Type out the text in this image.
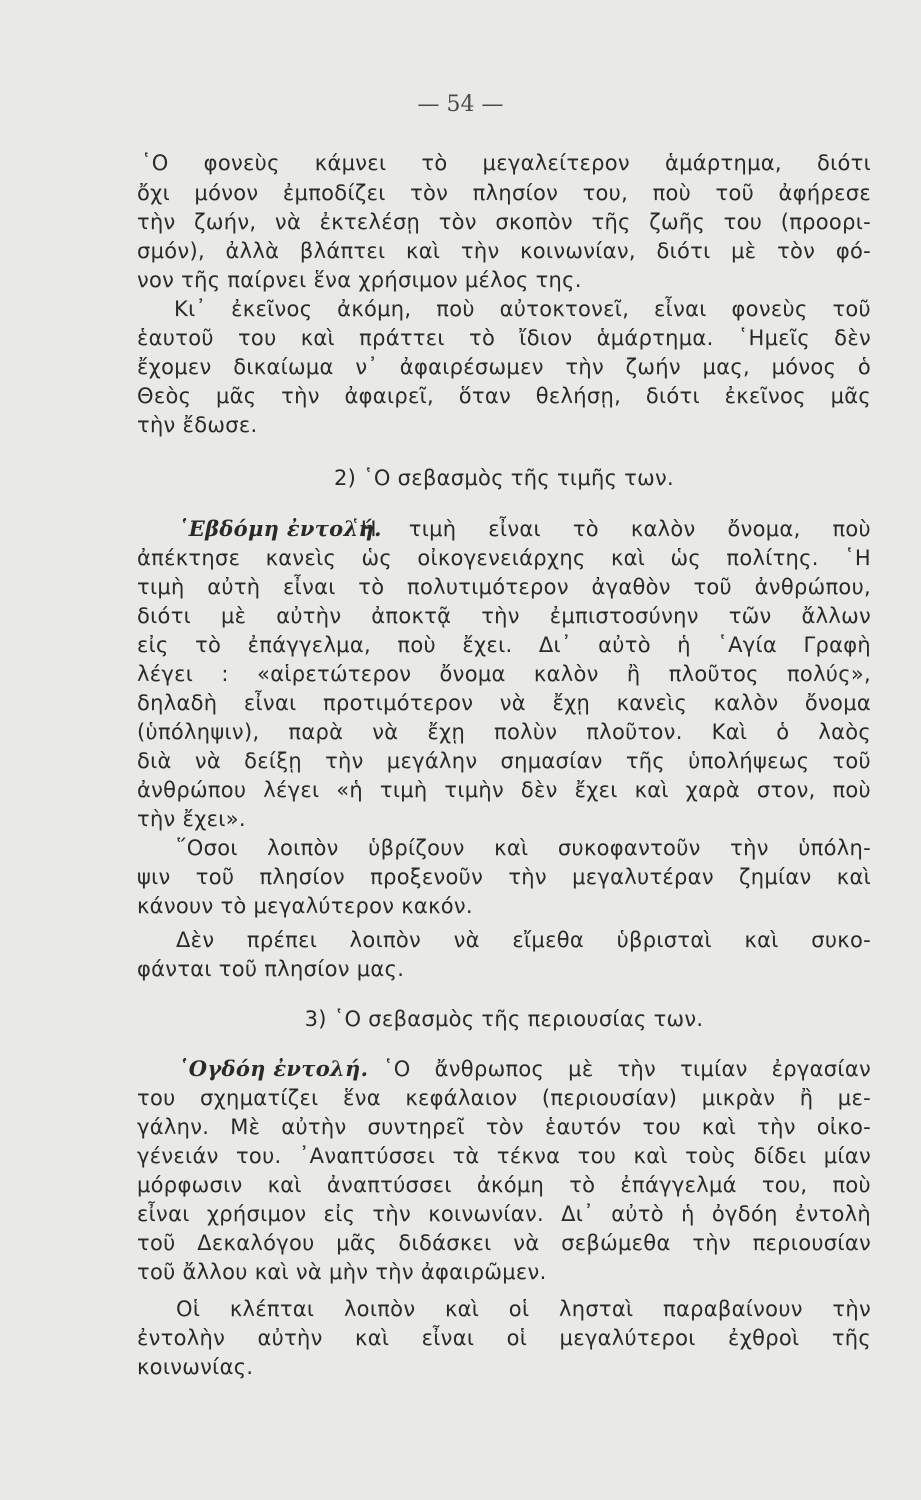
— 54 —
῾Ο φονεὺς κάμνει τὸ μεγαλείτερον ἁμάρτημα, διότι
ὄχι μόνον ἐμποδίζει τὸν πλησίον του, ποὺ τοῦ ἀφήρεσε
τὴν ζωήν, νὰ ἐκτελέσῃ τὸν σκοπὸν τῆς ζωῆς του (προορι-
σμόν), ἀλλὰ βλάπτει καὶ τὴν κοινωνίαν, διότι μὲ τὸν φό-
νον τῆς παίρνει ἕνα χρήσιμον μέλος της.
Κι᾿ ἐκεῖνος ἀκόμη, ποὺ αὐτοκτονεῖ, εἶναι φονεὺς τοῦ
ἑαυτοῦ του καὶ πράττει τὸ ἴδιον ἁμάρτημα. ῾Ημεῖς δὲν
ἔχομεν δικαίωμα ν᾿ ἀφαιρέσωμεν τὴν ζωήν μας, μόνος ὁ
Θεὸς μᾶς τὴν ἀφαιρεῖ, ὅταν θελήσῃ, διότι ἐκεῖνος μᾶς
τὴν ἔδωσε.
2) ῾Ο σεβασμὸς τῆς τιμῆς των.
῾Εβδόμη ἐντολή.
῾Η τιμὴ εἶναι τὸ καλὸν ὄνομα, ποὺ
ἀπέκτησε κανεὶς ὡς οἰκογενειάρχης καὶ ὡς πολίτης. ῾Η
τιμὴ αὐτὴ εἶναι τὸ πολυτιμότερον ἀγαθὸν τοῦ ἀνθρώπου,
διότι μὲ αὐτὴν ἀποκτᾷ τὴν ἐμπιστοσύνην τῶν ἄλλων
εἰς τὸ ἐπάγγελμα, ποὺ ἔχει. Δι᾿ αὐτὸ ἡ ῾Αγία Γραφὴ
λέγει : «αἱρετώτερον ὄνομα καλὸν ἢ πλοῦτος πολύς»,
δηλαδὴ εἶναι προτιμότερον νὰ ἔχῃ κανεὶς καλὸν ὄνομα
(ὑπόληψιν), παρὰ νὰ ἔχῃ πολὺν πλοῦτον. Καὶ ὁ λαὸς
διὰ νὰ δείξῃ τὴν μεγάλην σημασίαν τῆς ὑπολήψεως τοῦ
ἀνθρώπου λέγει «ἡ τιμὴ τιμὴν δὲν ἔχει καὶ χαρὰ στον, ποὺ
τὴν ἔχει».
῞Οσοι λοιπὸν ὑβρίζουν καὶ συκοφαντοῦν τὴν ὑπόλη-
ψιν τοῦ πλησίον προξενοῦν τὴν μεγαλυτέραν ζημίαν καὶ
κάνουν τὸ μεγαλύτερον κακόν.
Δὲν πρέπει λοιπὸν νὰ εἴμεθα ὑβρισταὶ καὶ συκο-
φάνται τοῦ πλησίον μας.
3) ῾Ο σεβασμὸς τῆς περιουσίας των.
῾Ογδόη ἐντολή. ῾Ο ἄνθρωπος μὲ τὴν τιμίαν ἐργασίαν
του σχηματίζει ἕνα κεφάλαιον (περιουσίαν) μικρὰν ἢ με-
γάλην. Μὲ αὐτὴν συντηρεῖ τὸν ἑαυτόν του καὶ τὴν οἰκο-
γένειάν του. ᾿Αναπτύσσει τὰ τέκνα του καὶ τοὺς δίδει μίαν
μόρφωσιν καὶ ἀναπτύσσει ἀκόμη τὸ ἐπάγγελμά του, ποὺ
εἶναι χρήσιμον εἰς τὴν κοινωνίαν. Δι᾿ αὐτὸ ἡ ὀγδόη ἐντολὴ
τοῦ Δεκαλόγου μᾶς διδάσκει νὰ σεβώμεθα τὴν περιουσίαν
τοῦ ἄλλου καὶ νὰ μὴν τὴν ἀφαιρῶμεν.
Οἱ κλέπται λοιπὸν καὶ οἱ λησταὶ παραβαίνουν τὴν
ἐντολὴν αὐτὴν καὶ εἶναι οἱ μεγαλύτεροι ἐχθροὶ τῆς
κοινωνίας.
